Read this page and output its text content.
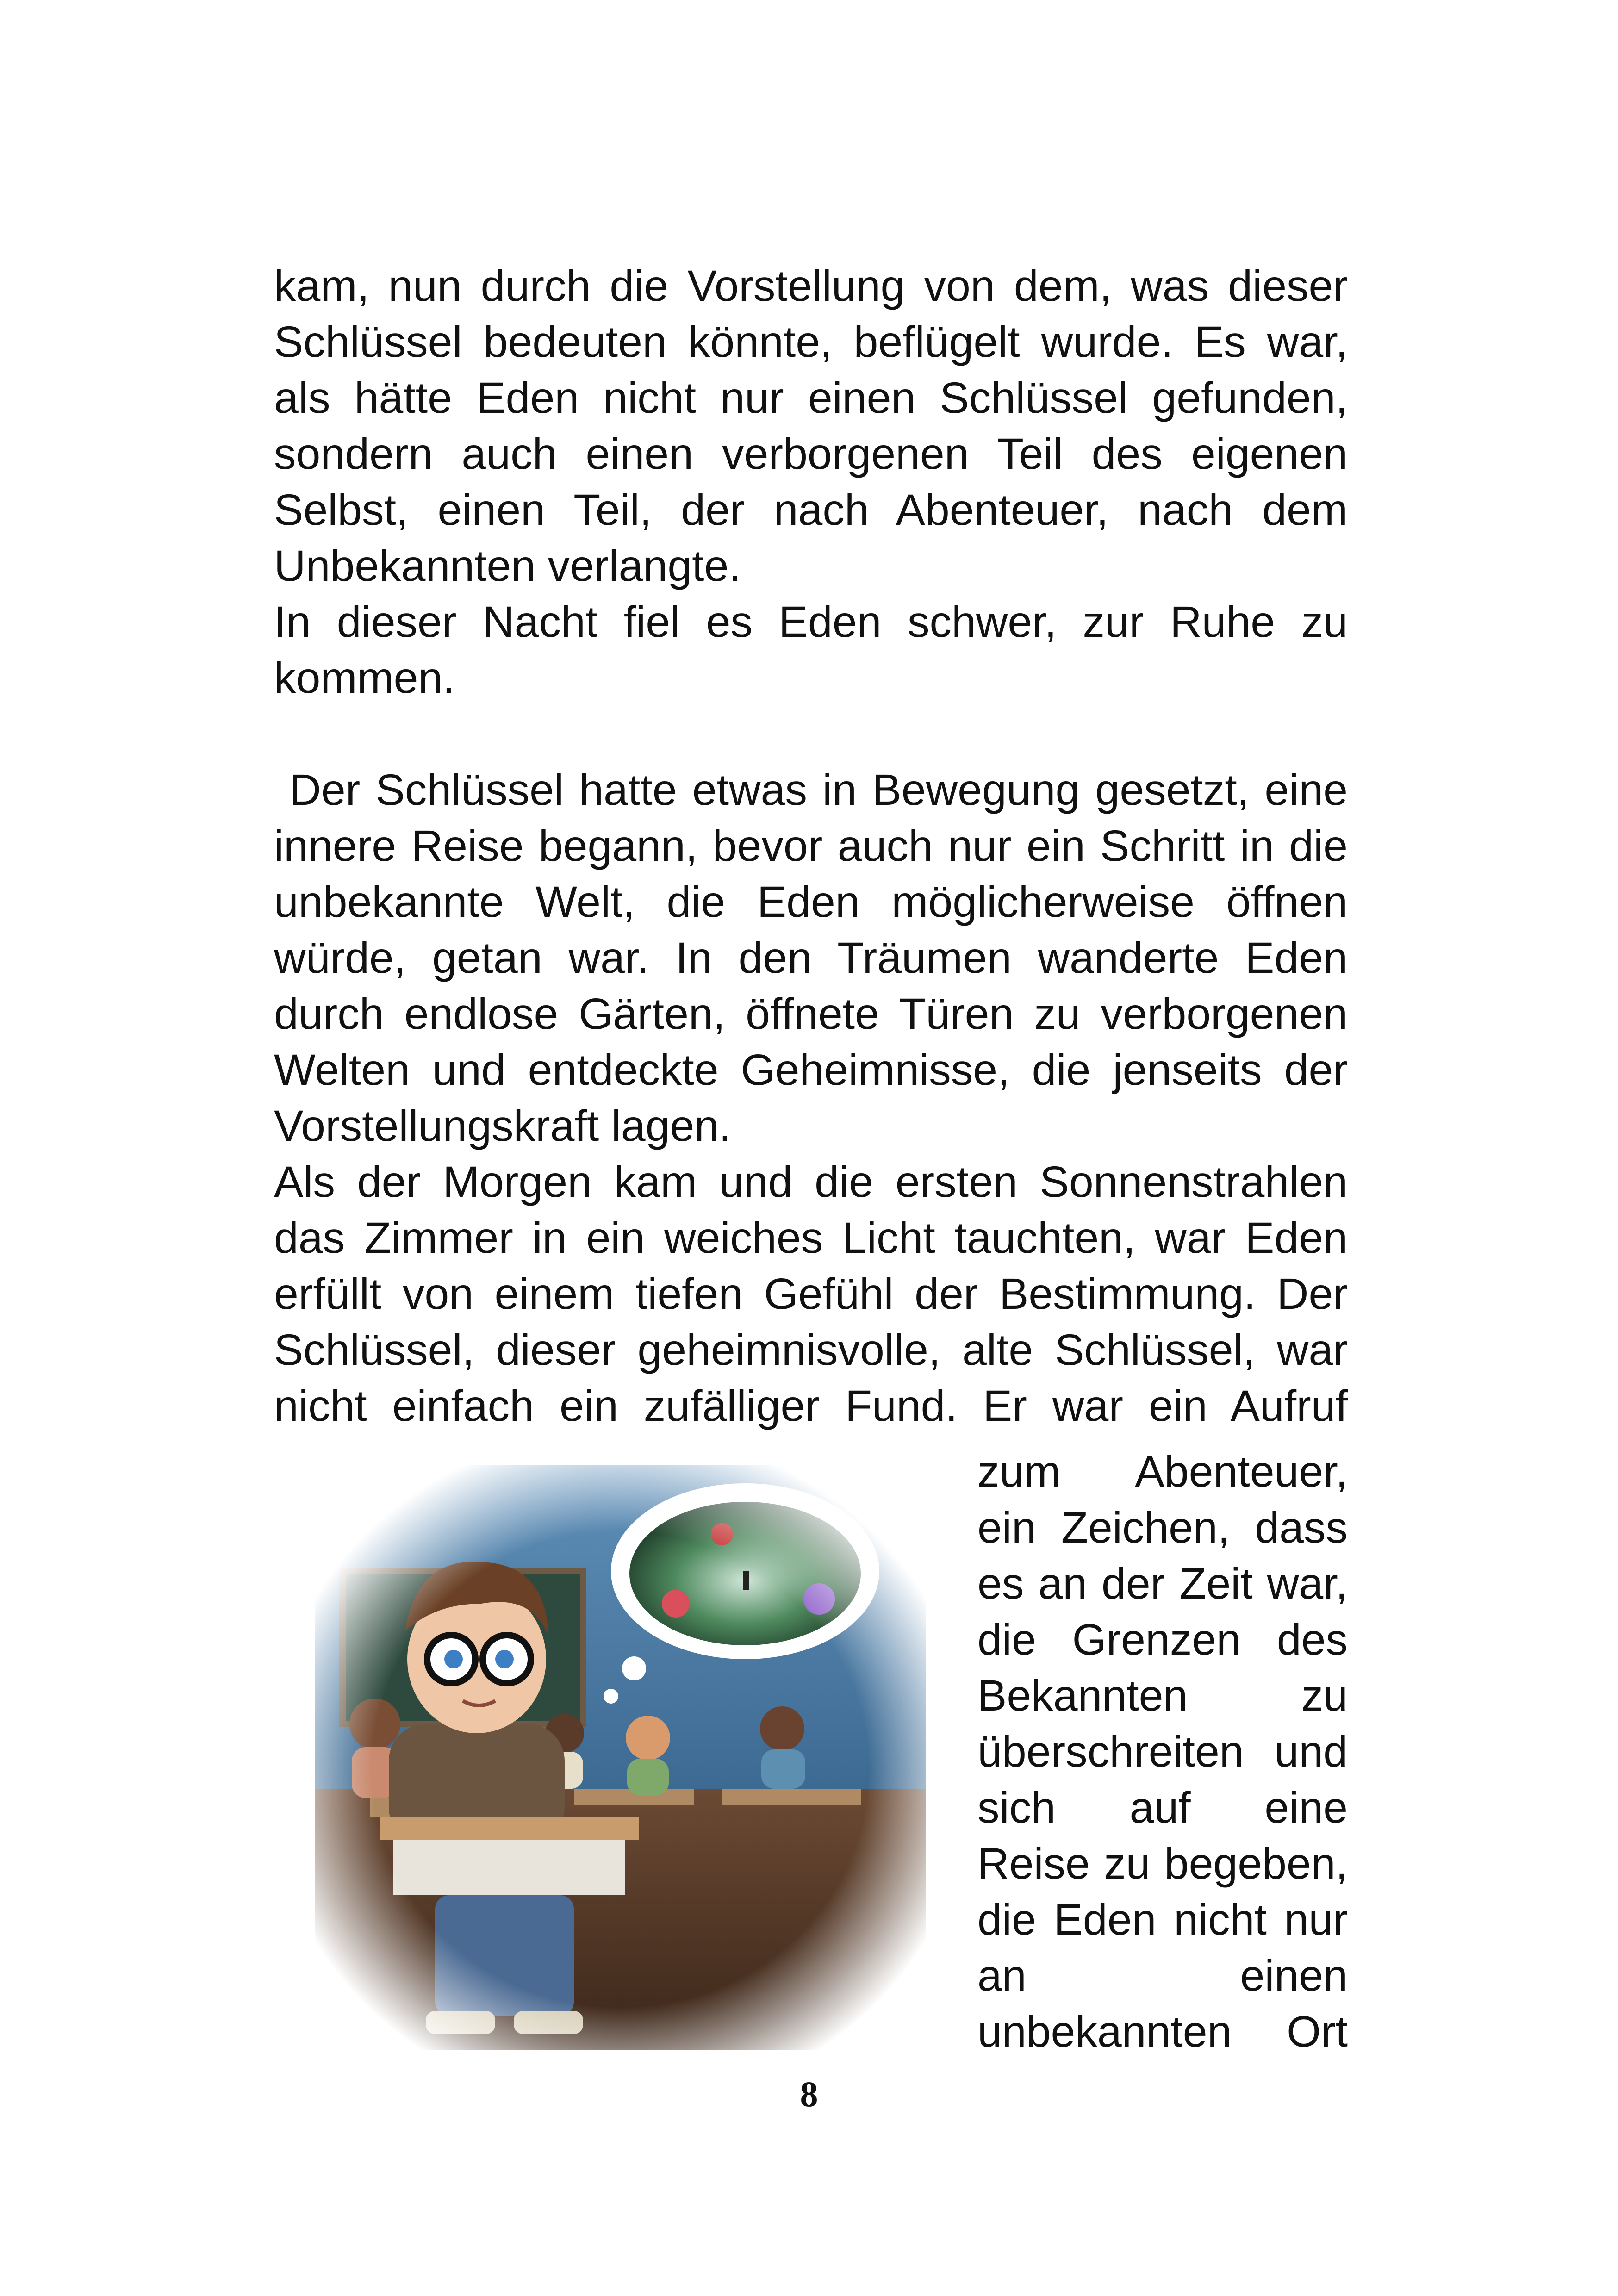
kam, nun durch die Vorstellung von dem, was dieser
Schlüssel bedeuten könnte, beflügelt wurde. Es war,
als hätte Eden nicht nur einen Schlüssel gefunden,
sondern auch einen verborgenen Teil des eigenen
Selbst, einen Teil, der nach Abenteuer, nach dem
Unbekannten verlangte.
In dieser Nacht fiel es Eden schwer, zur Ruhe zu
kommen.
Der Schlüssel hatte etwas in Bewegung gesetzt, eine
innere Reise begann, bevor auch nur ein Schritt in die
unbekannte Welt, die Eden möglicherweise öffnen
würde, getan war. In den Träumen wanderte Eden
durch endlose Gärten, öffnete Türen zu verborgenen
Welten und entdeckte Geheimnisse, die jenseits der
Vorstellungskraft lagen.
Als der Morgen kam und die ersten Sonnenstrahlen
das Zimmer in ein weiches Licht tauchten, war Eden
erfüllt von einem tiefen Gefühl der Bestimmung. Der
Schlüssel, dieser geheimnisvolle, alte Schlüssel, war
nicht einfach ein zufälliger Fund. Er war ein Aufruf

zum Abenteuer,

ein Zeichen, dass

es an der Zeit war,

die Grenzen des

Bekannten zu

überschreiten und

sich auf eine

Reise zu begeben,

die Eden nicht nur

an einen

unbekannten Ort

8
